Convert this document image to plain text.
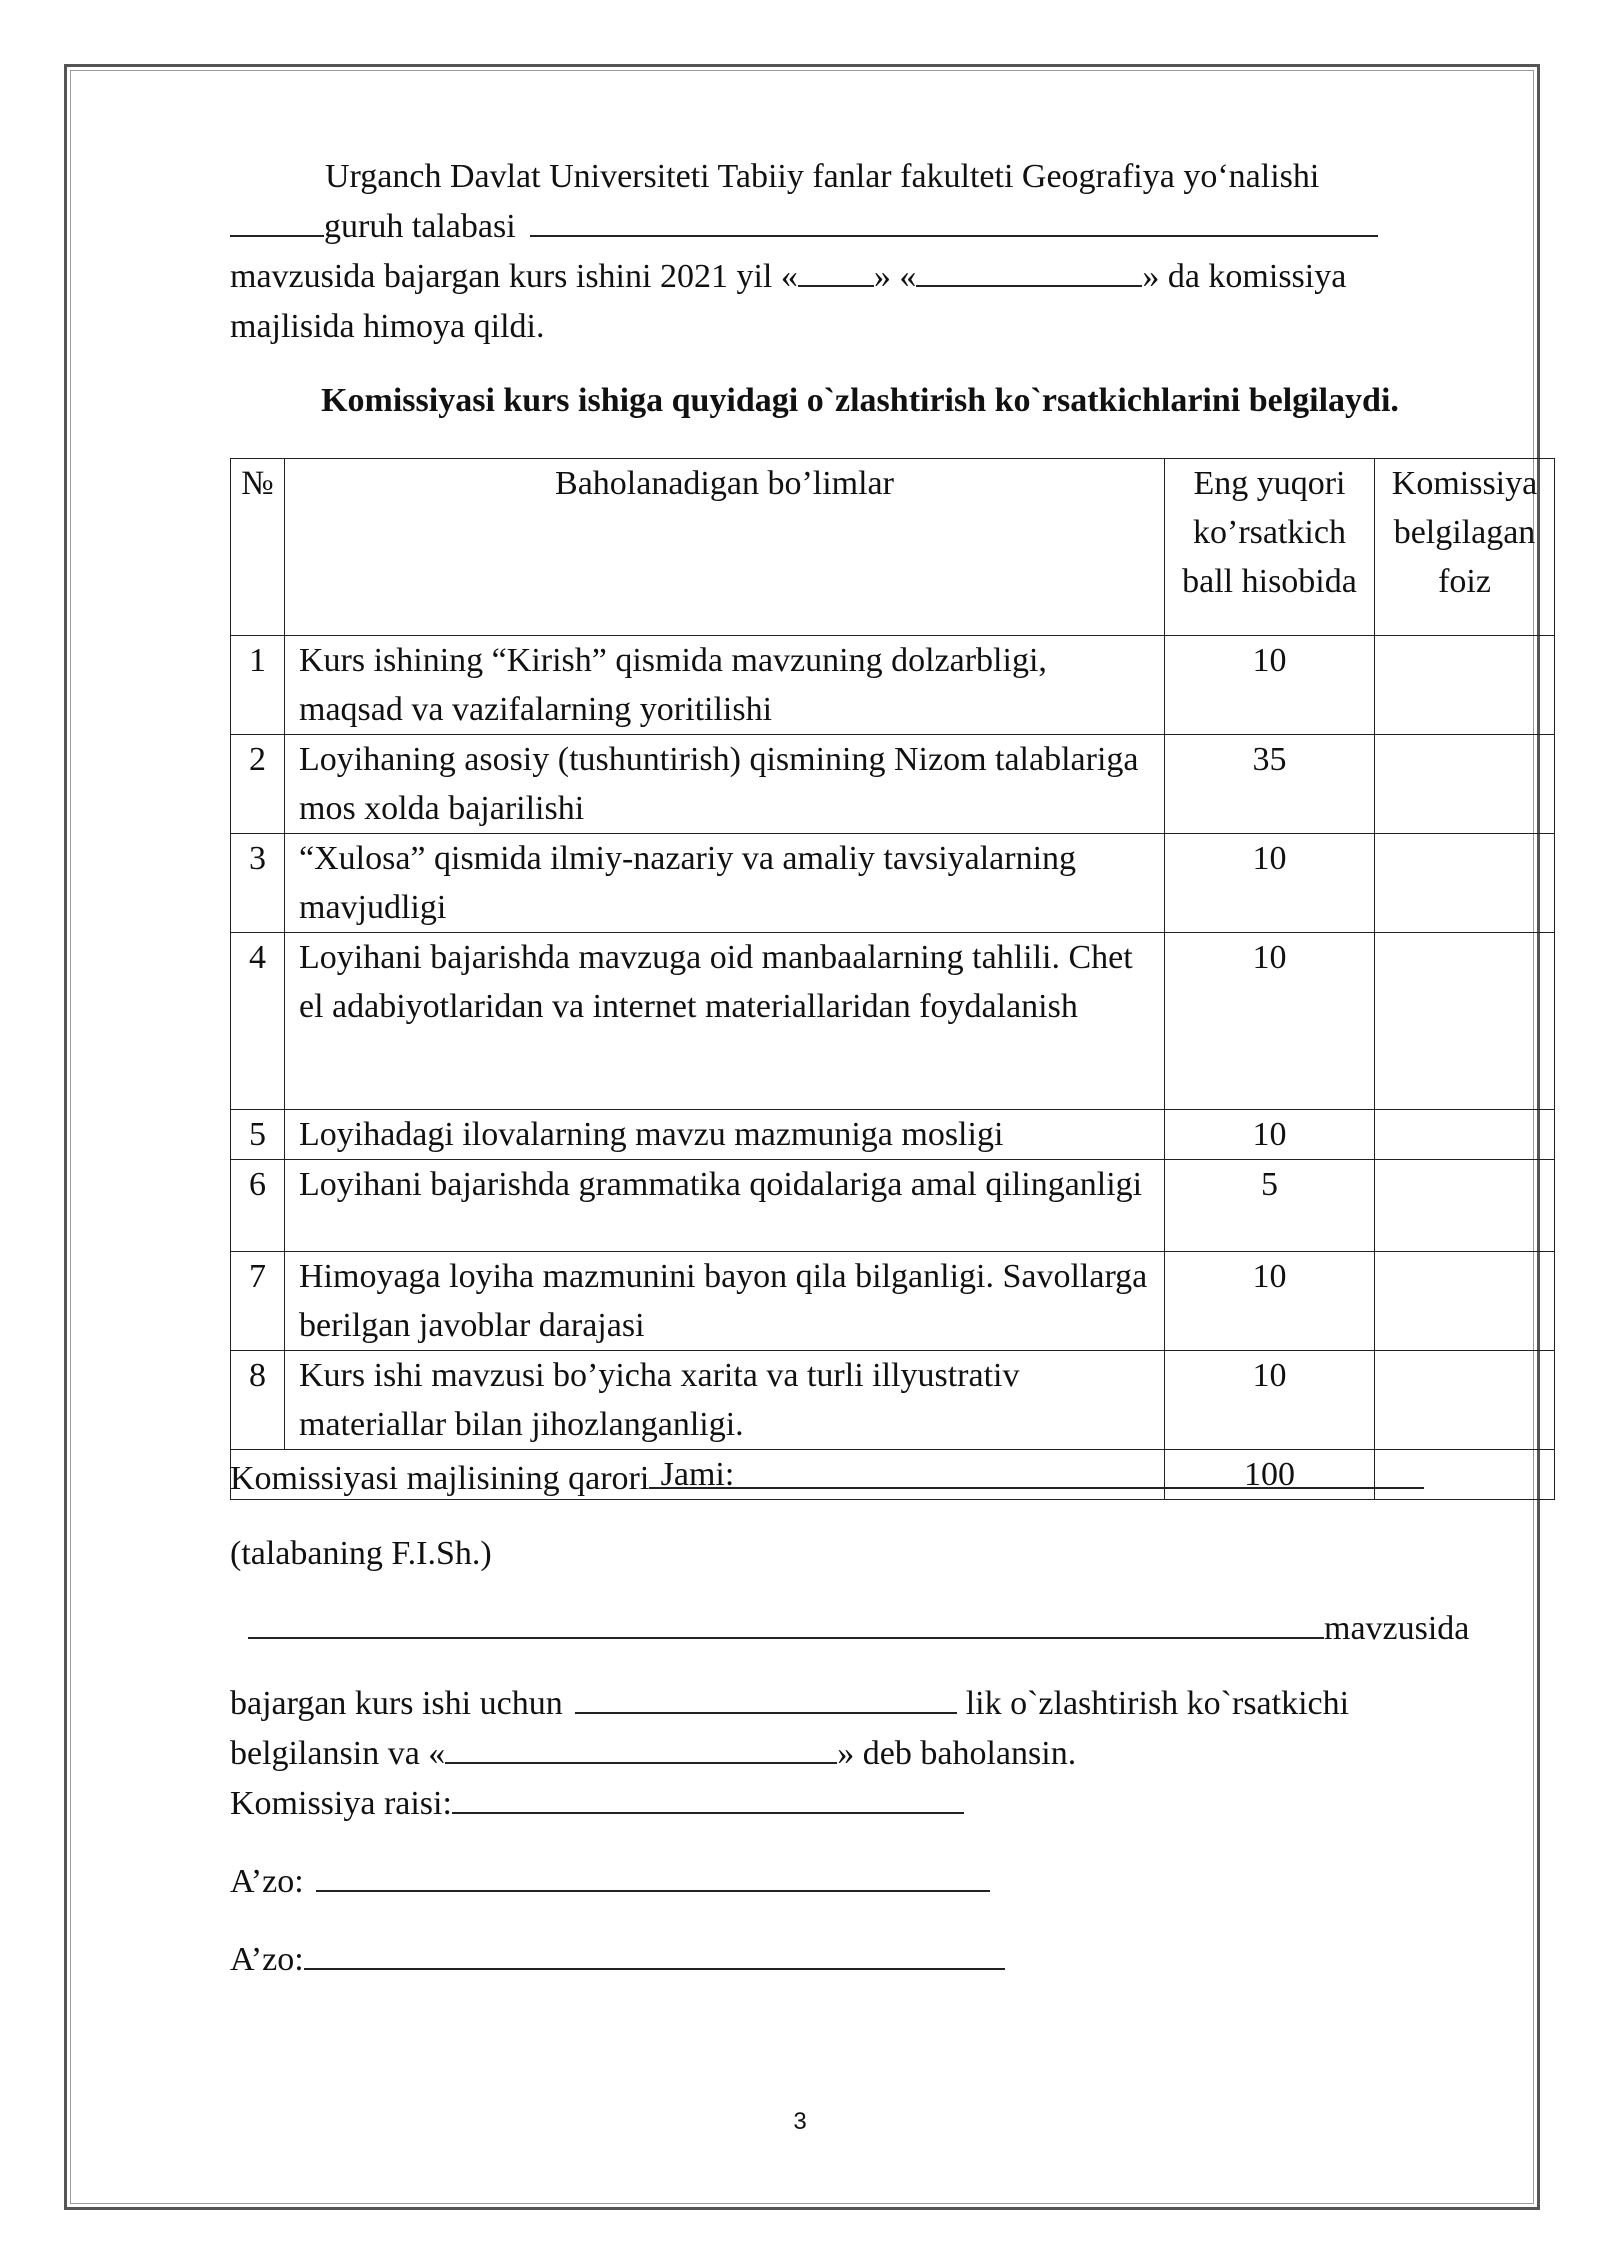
Urganch Davlat Universiteti Tabiiy fanlar fakulteti Geografiya yo‘nalishi
guruh talabasi
mavzusida bajargan kurs ishini 2021 yil « » «	» da komissiya
majlisida himoya qildi.
Komissiyasi kurs ishiga quyidagi o`zlashtirish ko`rsatkichlarini belgilaydi.
№	Baholanadigan bo’limlar	Eng yuqori ko’rsatkich ball hisobida	Komissiya belgilagan foiz
1	Kurs ishining “Kirish” qismida mavzuning dolzarbligi, maqsad va vazifalarning yoritilishi	10	
2	Loyihaning asosiy (tushuntirish) qismining Nizom talablariga mos xolda bajarilishi	35	
3	“Xulosa” qismida ilmiy-nazariy va amaliy tavsiyalarning mavjudligi	10	
4	Loyihani bajarishda mavzuga oid manbaalarning tahlili. Chet el adabiyotlaridan va internet materiallaridan foydalanish	10	
5	Loyihadagi ilovalarning mavzu mazmuniga mosligi	10	
6	Loyihani bajarishda grammatika qoidalariga amal qilinganligi	5	
7	Himoyaga loyiha mazmunini bayon qila bilganligi. Savollarga berilgan javoblar darajasi	10	
8	Kurs ishi mavzusi bo’yicha xarita va turli illyustrativ materiallar bilan jihozlanganligi.	10	
Jami:		100	
Komissiyasi majlisining qarori
(talabaning F.I.Sh.)
mavzusida
bajargan kurs ishi uchun	lik o`zlashtirish ko`rsatkichi
belgilansin va «	» deb baholansin.
Komissiya raisi:
A’zo:
A’zo:
3
